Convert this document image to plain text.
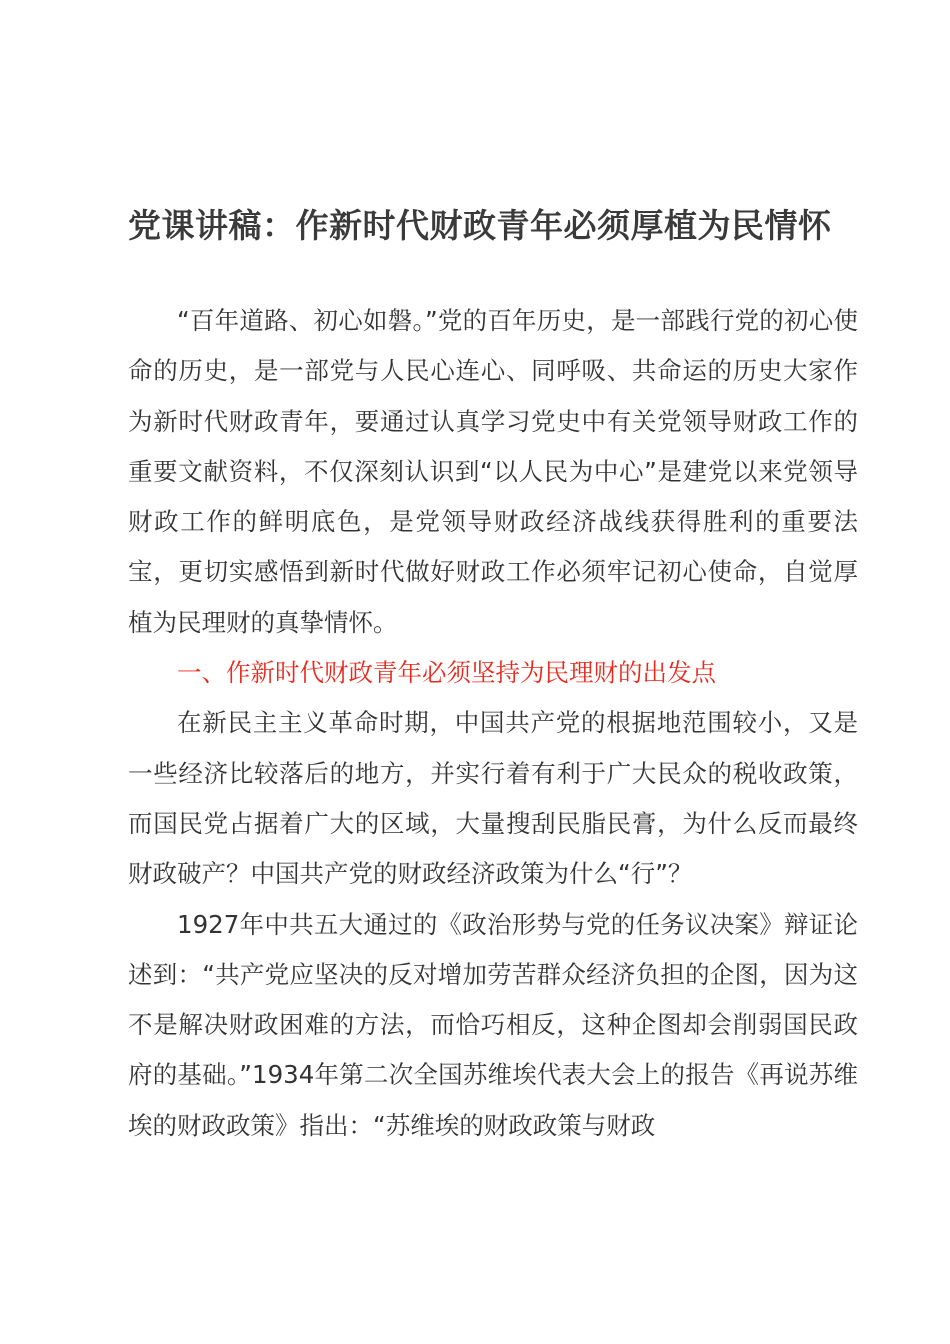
党课讲稿：作新时代财政青年必须厚植为民情怀

“百年道路、初心如磐。”党的百年历史，是一部践行党的初心使命的历史，是一部党与人民心连心、同呼吸、共命运的历史大家作为新时代财政青年，要通过认真学习党史中有关党领导财政工作的重要文献资料，不仅深刻认识到“以人民为中心”是建党以来党领导财政工作的鲜明底色，是党领导财政经济战线获得胜利的重要法宝，更切实感悟到新时代做好财政工作必须牢记初心使命，自觉厚植为民理财的真挚情怀。

一、作新时代财政青年必须坚持为民理财的出发点

在新民主主义革命时期，中国共产党的根据地范围较小，又是一些经济比较落后的地方，并实行着有利于广大民众的税收政策，而国民党占据着广大的区域，大量搜刮民脂民膏，为什么反而最终财政破产？中国共产党的财政经济政策为什么“行”？

1927年中共五大通过的《政治形势与党的任务议决案》辩证论述到：“共产党应坚决的反对增加劳苦群众经济负担的企图，因为这不是解决财政困难的方法，而恰巧相反，这种企图却会削弱国民政府的基础。”1934年第二次全国苏维埃代表大会上的报告《再说苏维埃的财政政策》指出：“苏维埃的财政政策与财政
